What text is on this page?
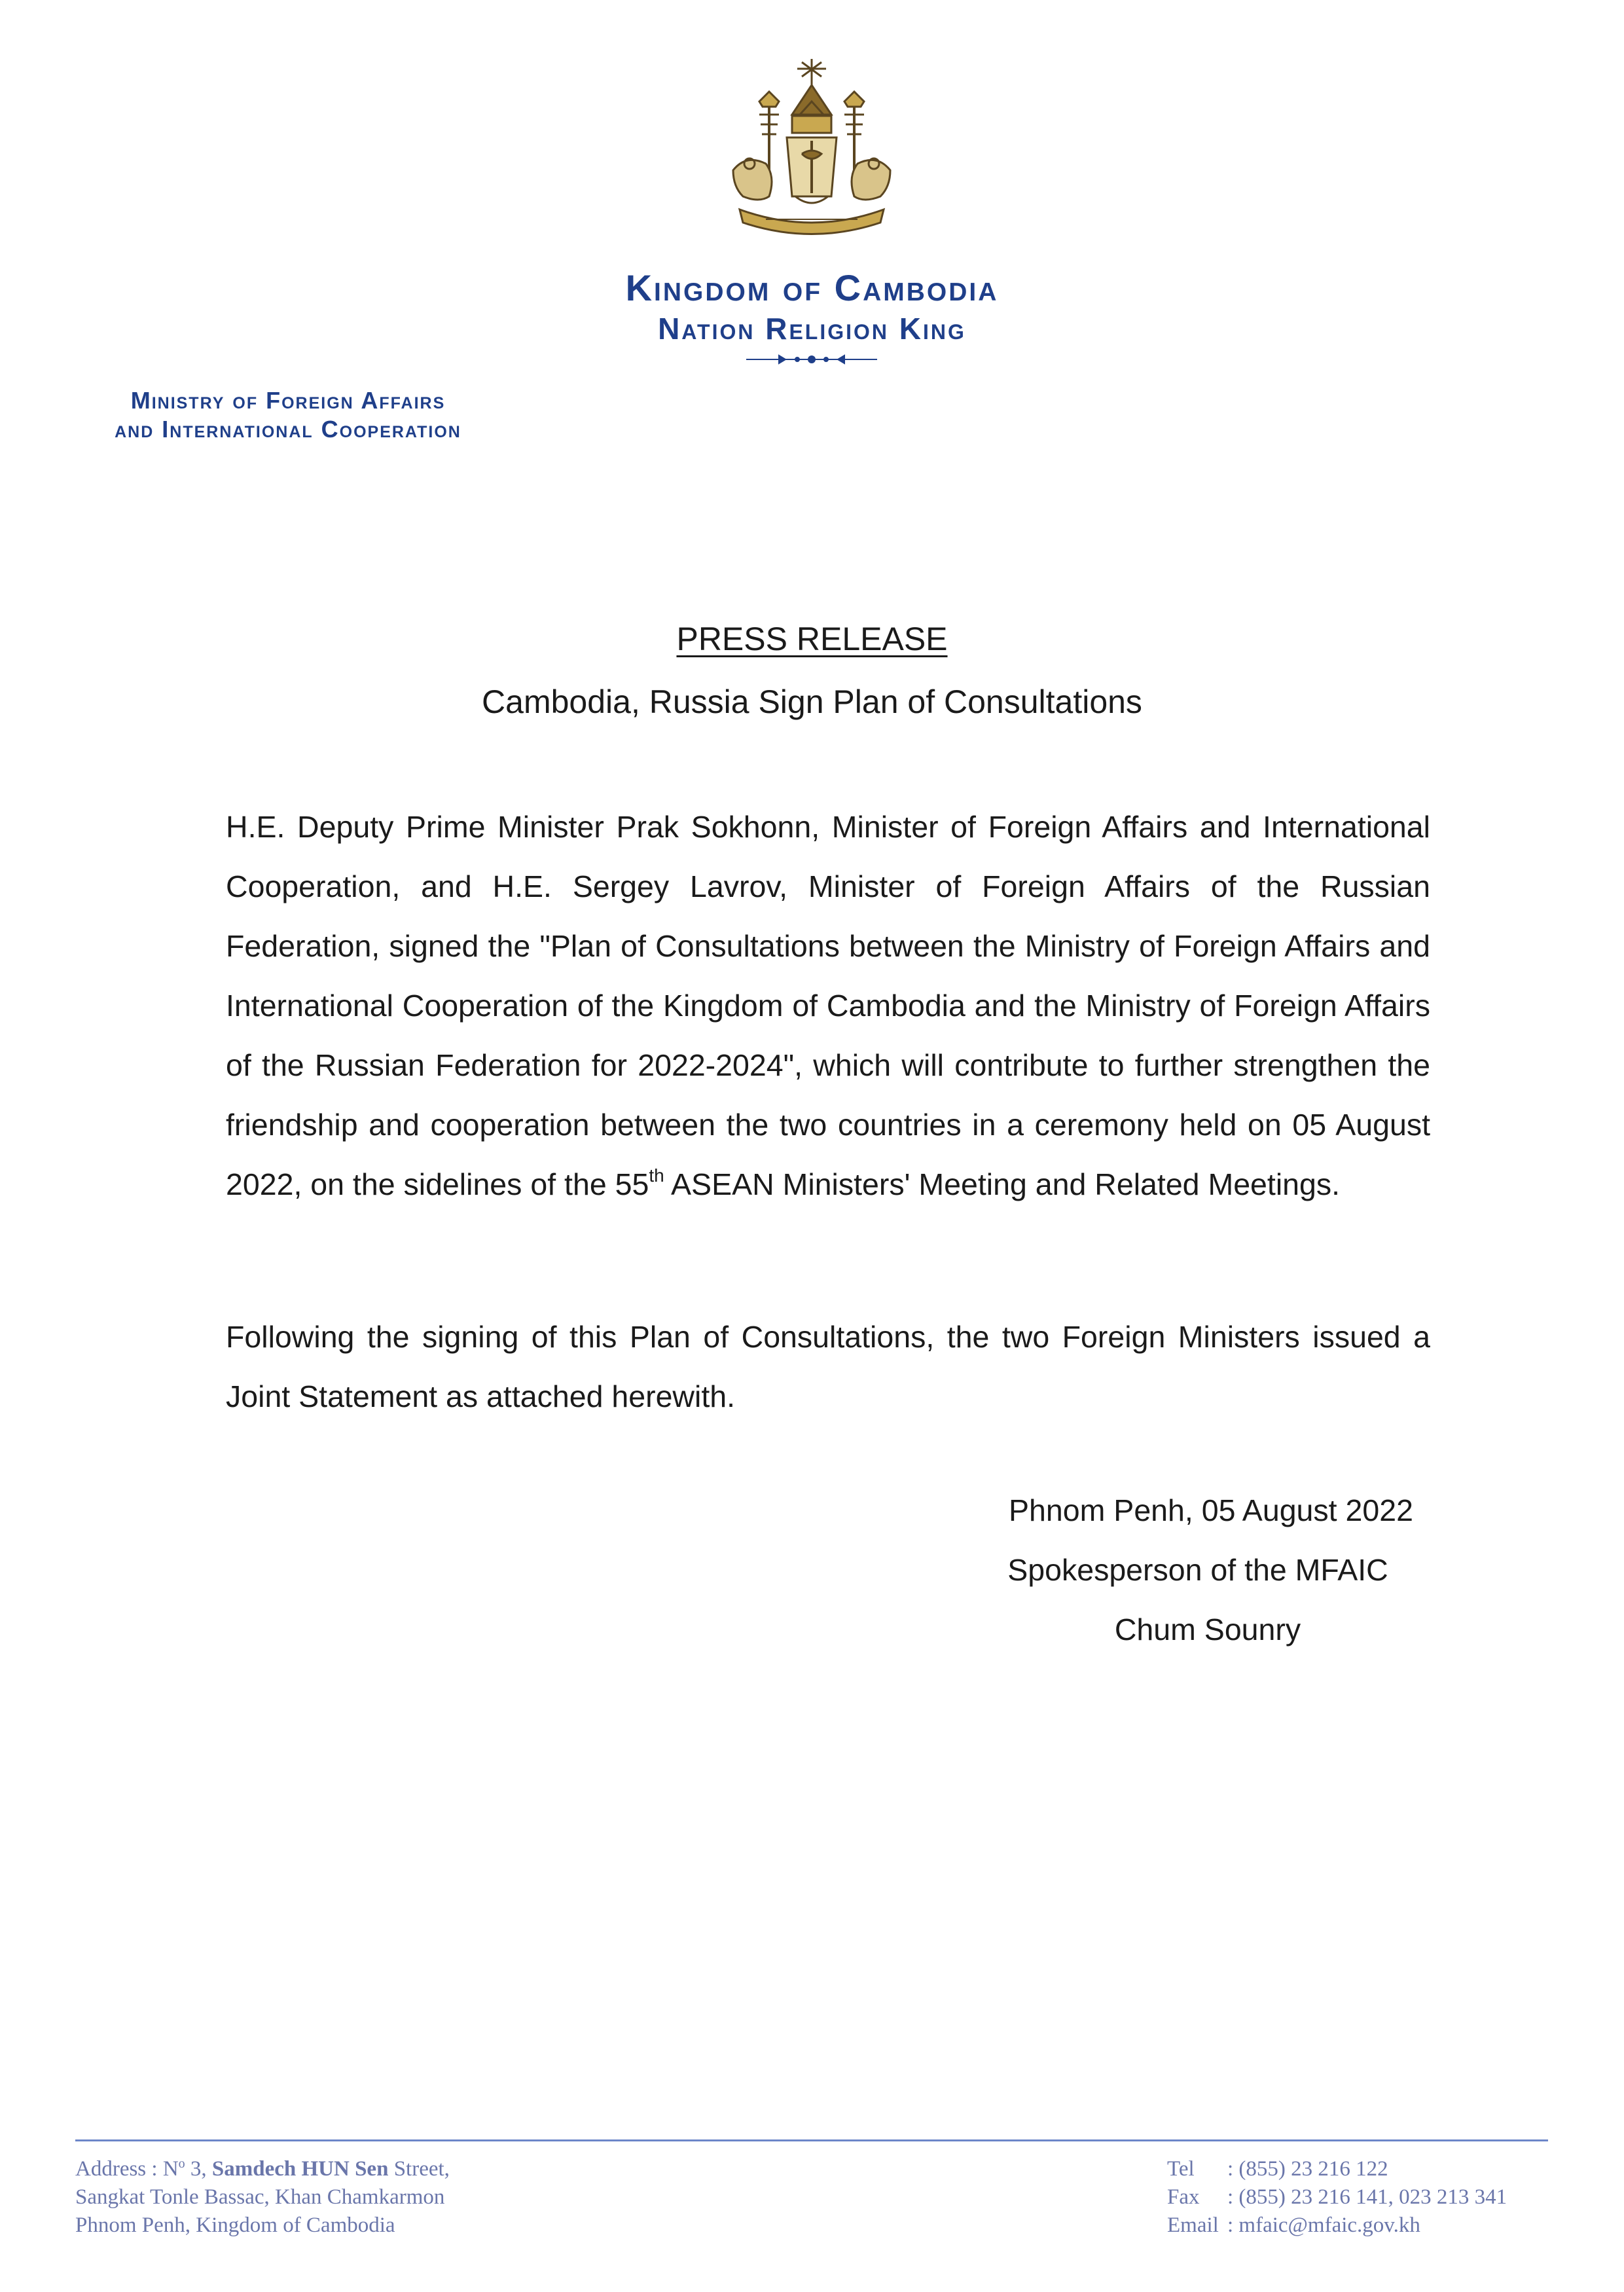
Kingdom of Cambodia
Nation Religion King
Ministry of Foreign Affairs
and International Cooperation
PRESS RELEASE
Cambodia, Russia Sign Plan of Consultations
H.E. Deputy Prime Minister Prak Sokhonn, Minister of Foreign Affairs and International Cooperation, and H.E. Sergey Lavrov, Minister of Foreign Affairs of the Russian Federation, signed the "Plan of Consultations between the Ministry of Foreign Affairs and International Cooperation of the Kingdom of Cambodia and the Ministry of Foreign Affairs of the Russian Federation for 2022-2024", which will contribute to further strengthen the friendship and cooperation between the two countries in a ceremony held on 05 August 2022, on the sidelines of the 55th ASEAN Ministers' Meeting and Related Meetings.
Following the signing of this Plan of Consultations, the two Foreign Ministers issued a Joint Statement as attached herewith.
Phnom Penh, 05 August 2022
Spokesperson of the MFAIC
Chum Sounry
Address : $N^o$ 3, Samdech HUN Sen Street,
Sangkat Tonle Bassac, Khan Chamkarmon
Phnom Penh, Kingdom of Cambodia
Tel : (855) 23 216 122
Fax : (855) 23 216 141, 023 213 341
Email : mfaic@mfaic.gov.kh
